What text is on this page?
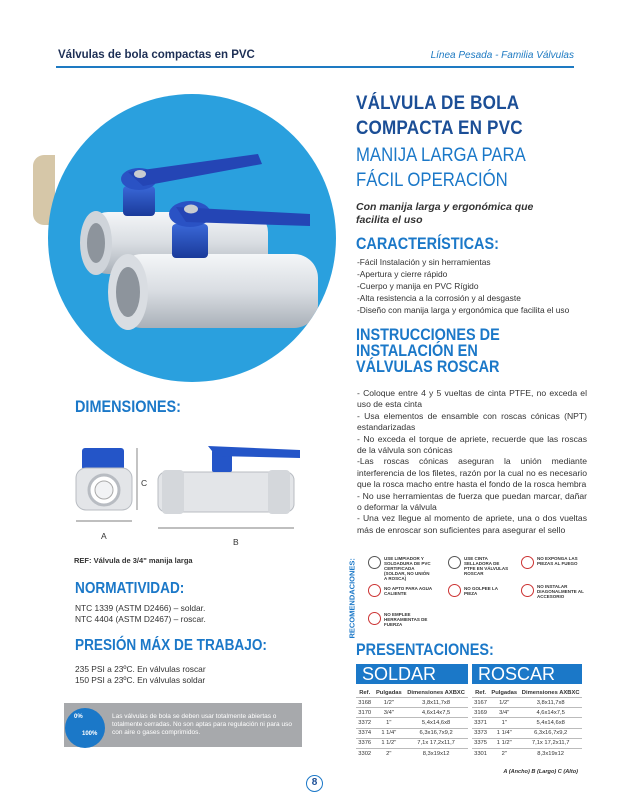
Válvulas de bola compactas en PVC	Línea Pesada - Familia Válvulas
VÁLVULA DE BOLA
COMPACTA EN PVC
MANIJA LARGA PARA
FÁCIL OPERACIÓN
Con manija larga y ergonómica que facilita el uso
CARACTERÍSTICAS:
-Fácil Instalación y sin herramientas
-Apertura y cierre rápido
-Cuerpo y manija en PVC Rígido
-Alta resistencia a la corrosión y al desgaste
-Diseño con manija larga y ergonómica que facilita el uso
INSTRUCCIONES DE
INSTALACIÓN EN
VÁLVULAS ROSCAR
- Coloque entre 4 y 5 vueltas de cinta PTFE, no exceda el uso de esta cinta
- Usa elementos de ensamble con roscas cónicas (NPT) estandarizadas
- No exceda el torque de apriete, recuerde que las roscas de la válvula son cónicas
-Las roscas cónicas aseguran la unión mediante interferencia de los filetes, razón por la cual no es necesario que la rosca macho entre hasta el fondo de la rosca hembra
- No use herramientas de fuerza que puedan marcar, dañar o deformar la válvula
- Una vez llegue al momento de apriete, una o dos vueltas más de enroscar son suficientes para asegurar el sello
RECOMENDACIONES:	USE LIMPIADOR Y SOLDADURA DE PVC CERTIFICADA (SOLDAR, NO UNIÓN A ROSCA)
USE CINTA SELLADORA DE PTFE EN VÁLVULAS ROSCAR
NO EXPONGA LAS PIEZAS AL FUEGO
NO APTO PARA AGUA CALIENTE
NO GOLPEE LA PIEZA
NO INSTALAR DIAGONALMENTE AL ACCESORIO
NO EMPLEE HERRAMIENTAS DE FUERZA
DIMENSIONES:
A
B
C
REF: Válvula de 3/4" manija larga
NORMATIVIDAD:
NTC 1339 (ASTM D2466) – soldar.
NTC 4404 (ASTM D2467) – roscar.
PRESIÓN MÁX DE TRABAJO:
235 PSI a 23ºC. En válvulas roscar
150 PSI a 23ºC. En válvulas soldar
0%
100%
Las válvulas de bola se deben usar totalmente abiertas o totalmente cerradas. No son aptas para regulación ni para uso con aire o gases comprimidos.
PRESENTACIONES:
SOLDAR	ROSCAR
Ref.	Pulgadas	Dimensiones AXBXC
3168	1/2"	3,8x11,7x8
3170	3/4"	4,6x14x7,5
3372	1"	5,4x14,6x8
3374	1 1/4"	6,3x16,7x9,2
3376	1 1/2"	7,1x 17,2x11,7
3302	2"	8,3x19x12
Ref.	Pulgadas	Dimensiones AXBXC
3167	1/2"	3,8x11,7x8
3169	3/4"	4,6x14x7,5
3371	1"	5,4x14,6x8
3373	1 1/4"	6,3x16,7x9,2
3375	1 1/2"	7,1x 17,2x11,7
3301	2"	8,3x19x12
A (Ancho) B (Largo) C (Alto)
8
